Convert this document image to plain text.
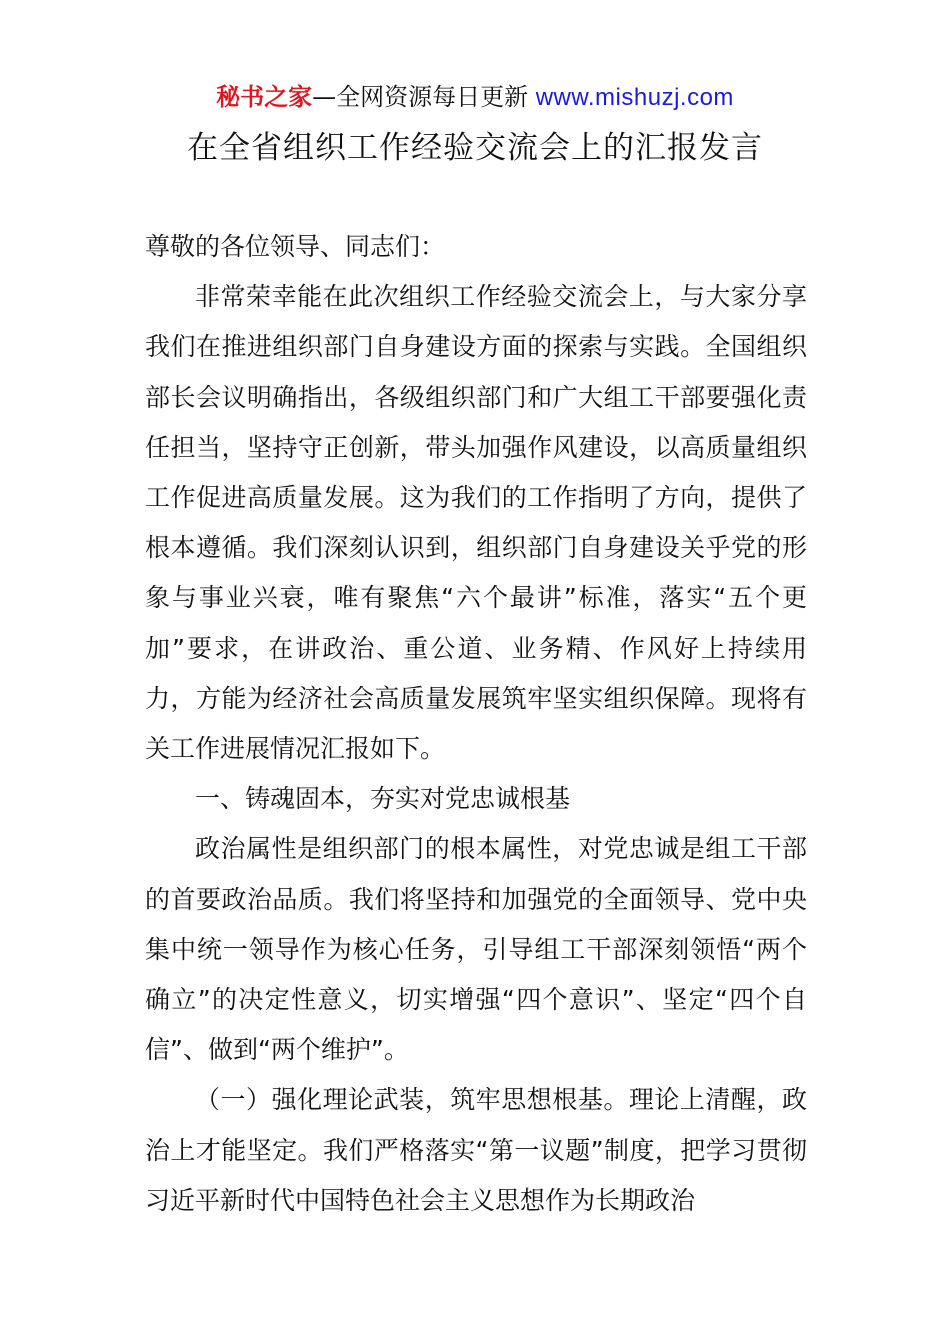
秘书之家—全网资源每日更新 www.mishuzj.com
在全省组织工作经验交流会上的汇报发言

尊敬的各位领导、同志们：

非常荣幸能在此次组织工作经验交流会上，与大家分享我们在推进组织部门自身建设方面的探索与实践。全国组织部长会议明确指出，各级组织部门和广大组工干部要强化责任担当，坚持守正创新，带头加强作风建设，以高质量组织工作促进高质量发展。这为我们的工作指明了方向，提供了根本遵循。我们深刻认识到，组织部门自身建设关乎党的形象与事业兴衰，唯有聚焦“六个最讲”标准，落实“五个更加”要求，在讲政治、重公道、业务精、作风好上持续用力，方能为经济社会高质量发展筑牢坚实组织保障。现将有关工作进展情况汇报如下。

一、铸魂固本，夯实对党忠诚根基

政治属性是组织部门的根本属性，对党忠诚是组工干部的首要政治品质。我们将坚持和加强党的全面领导、党中央集中统一领导作为核心任务，引导组工干部深刻领悟“两个确立”的决定性意义，切实增强“四个意识”、坚定“四个自信”、做到“两个维护”。

（一）强化理论武装，筑牢思想根基。理论上清醒，政治上才能坚定。我们严格落实“第一议题”制度，把学习贯彻习近平新时代中国特色社会主义思想作为长期政治
